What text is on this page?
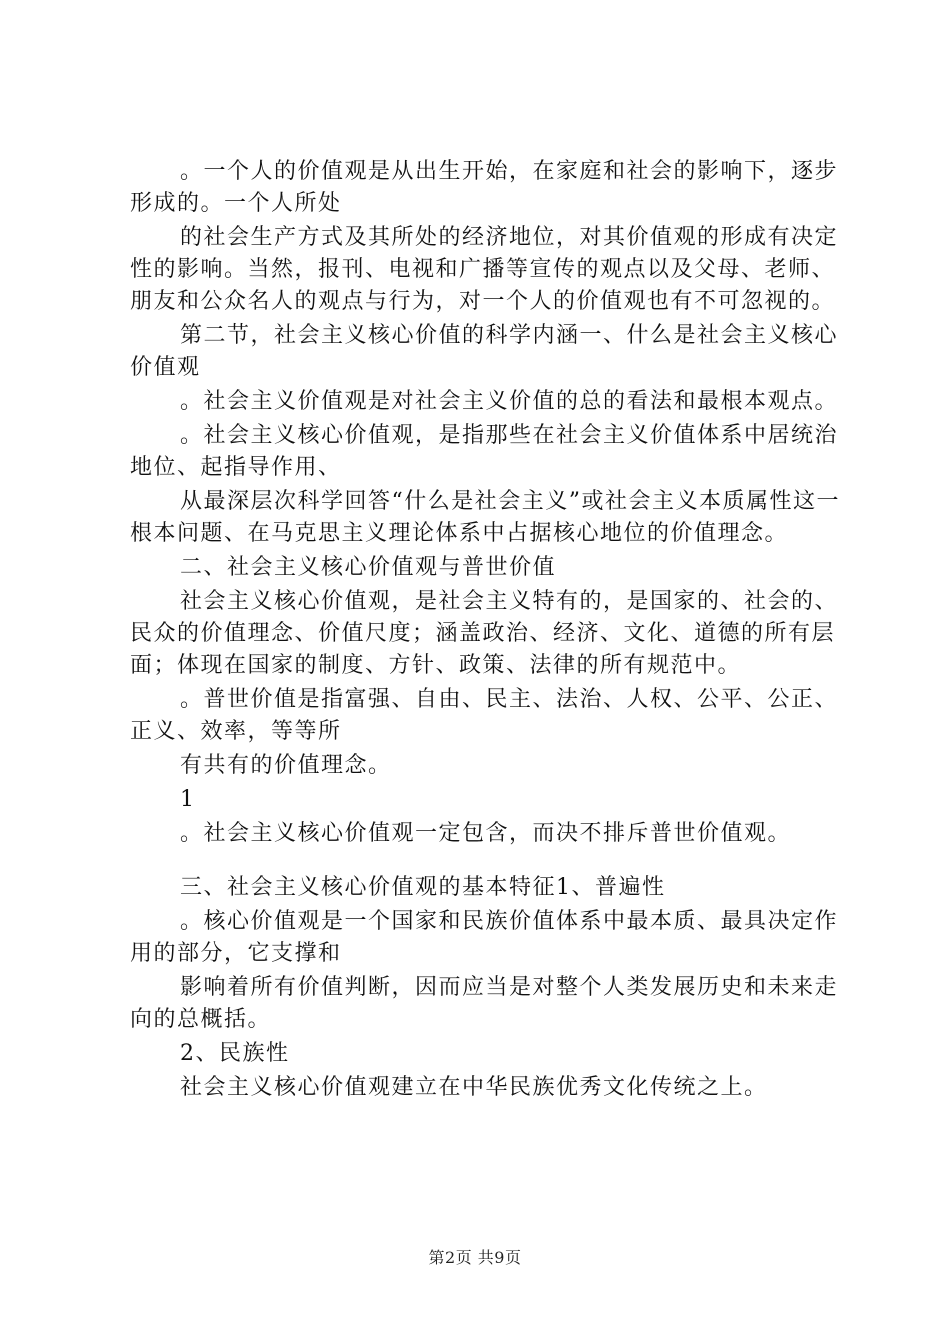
。一个人的价值观是从出生开始，在家庭和社会的影响下，逐步形成的。一个人所处

的社会生产方式及其所处的经济地位，对其价值观的形成有决定性的影响。当然，报刊、电视和广播等宣传的观点以及父母、老师、朋友和公众名人的观点与行为，对一个人的价值观也有不可忽视的。

第二节，社会主义核心价值的科学内涵一、什么是社会主义核心价值观

。社会主义价值观是对社会主义价值的总的看法和最根本观点。

。社会主义核心价值观，是指那些在社会主义价值体系中居统治地位、起指导作用、

从最深层次科学回答“什么是社会主义”或社会主义本质属性这一根本问题、在马克思主义理论体系中占据核心地位的价值理念。

二、社会主义核心价值观与普世价值

社会主义核心价值观，是社会主义特有的，是国家的、社会的、民众的价值理念、价值尺度；涵盖政治、经济、文化、道德的所有层面；体现在国家的制度、方针、政策、法律的所有规范中。

。普世价值是指富强、自由、民主、法治、人权、公平、公正、正义、效率，等等所

有共有的价值理念。

1

。社会主义核心价值观一定包含，而决不排斥普世价值观。

三、社会主义核心价值观的基本特征1、普遍性

。核心价值观是一个国家和民族价值体系中最本质、最具决定作用的部分，它支撑和

影响着所有价值判断，因而应当是对整个人类发展历史和未来走向的总概括。

2、民族性

社会主义核心价值观建立在中华民族优秀文化传统之上。

第2页 共9页
